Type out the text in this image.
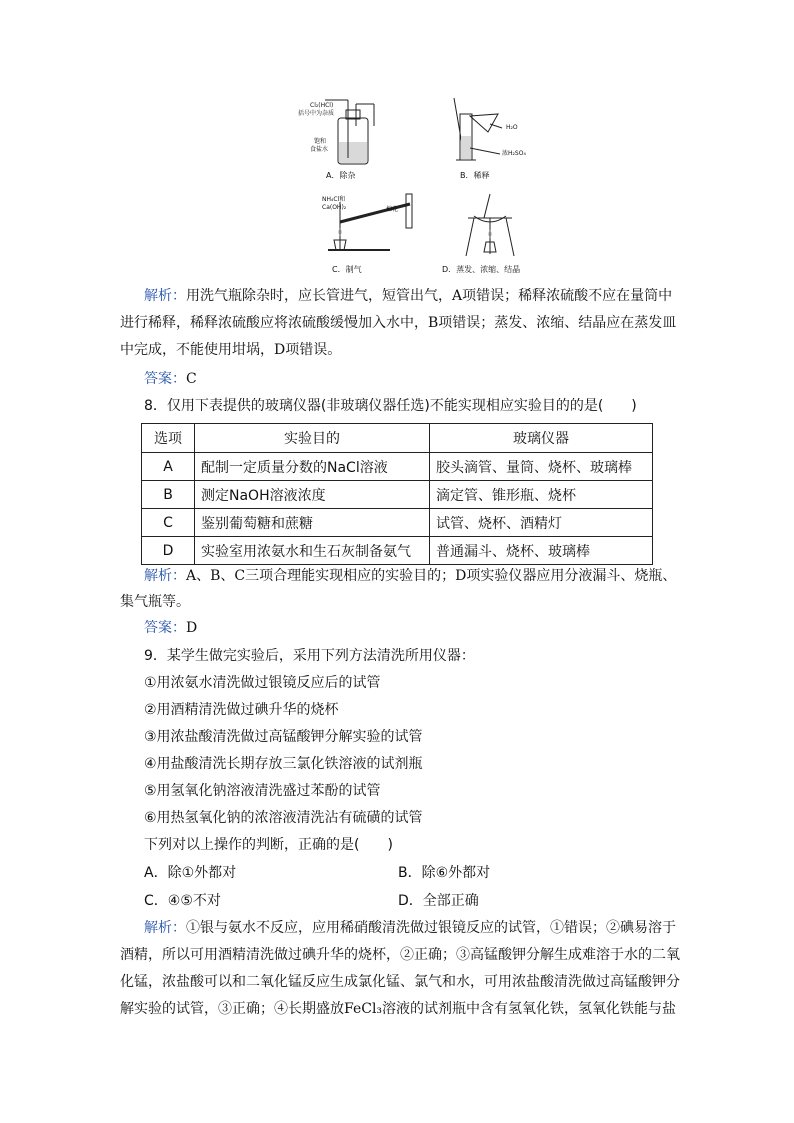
Cl₂(HCl)
括号中为杂质
饱和
食盐水
A．除杂
H₂O
浓H₂SO₄
B．稀释
NH₄Cl和
Ca(OH)₂	棉花
C．制气	D．蒸发、浓缩、结晶
解析：用洗气瓶除杂时，应长管进气，短管出气，A项错误；稀释浓硫酸不应在量筒中
进行稀释，稀释浓硫酸应将浓硫酸缓慢加入水中，B项错误；蒸发、浓缩、结晶应在蒸发皿
中完成，不能使用坩埚，D项错误。
答案：C
8．仅用下表提供的玻璃仪器(非玻璃仪器任选)不能实现相应实验目的的是(　　)
选项	实验目的	玻璃仪器
A	配制一定质量分数的NaCl溶液	胶头滴管、量筒、烧杯、玻璃棒
B	测定NaOH溶液浓度	滴定管、锥形瓶、烧杯
C	鉴别葡萄糖和蔗糖	试管、烧杯、酒精灯
D	实验室用浓氨水和生石灰制备氨气	普通漏斗、烧杯、玻璃棒
解析：A、B、C三项合理能实现相应的实验目的；D项实验仪器应用分液漏斗、烧瓶、
集气瓶等。
答案：D
9．某学生做完实验后，采用下列方法清洗所用仪器：
①用浓氨水清洗做过银镜反应后的试管
②用酒精清洗做过碘升华的烧杯
③用浓盐酸清洗做过高锰酸钾分解实验的试管
④用盐酸清洗长期存放三氯化铁溶液的试剂瓶
⑤用氢氧化钠溶液清洗盛过苯酚的试管
⑥用热氢氧化钠的浓溶液清洗沾有硫磺的试管
下列对以上操作的判断，正确的是(　　)
A．除①外都对	B．除⑥外都对
C．④⑤不对	D．全部正确
解析：①银与氨水不反应，应用稀硝酸清洗做过银镜反应的试管，①错误；②碘易溶于
酒精，所以可用酒精清洗做过碘升华的烧杯，②正确；③高锰酸钾分解生成难溶于水的二氧
化锰，浓盐酸可以和二氧化锰反应生成氯化锰、氯气和水，可用浓盐酸清洗做过高锰酸钾分
解实验的试管，③正确；④长期盛放FeCl₃溶液的试剂瓶中含有氢氧化铁，氢氧化铁能与盐
